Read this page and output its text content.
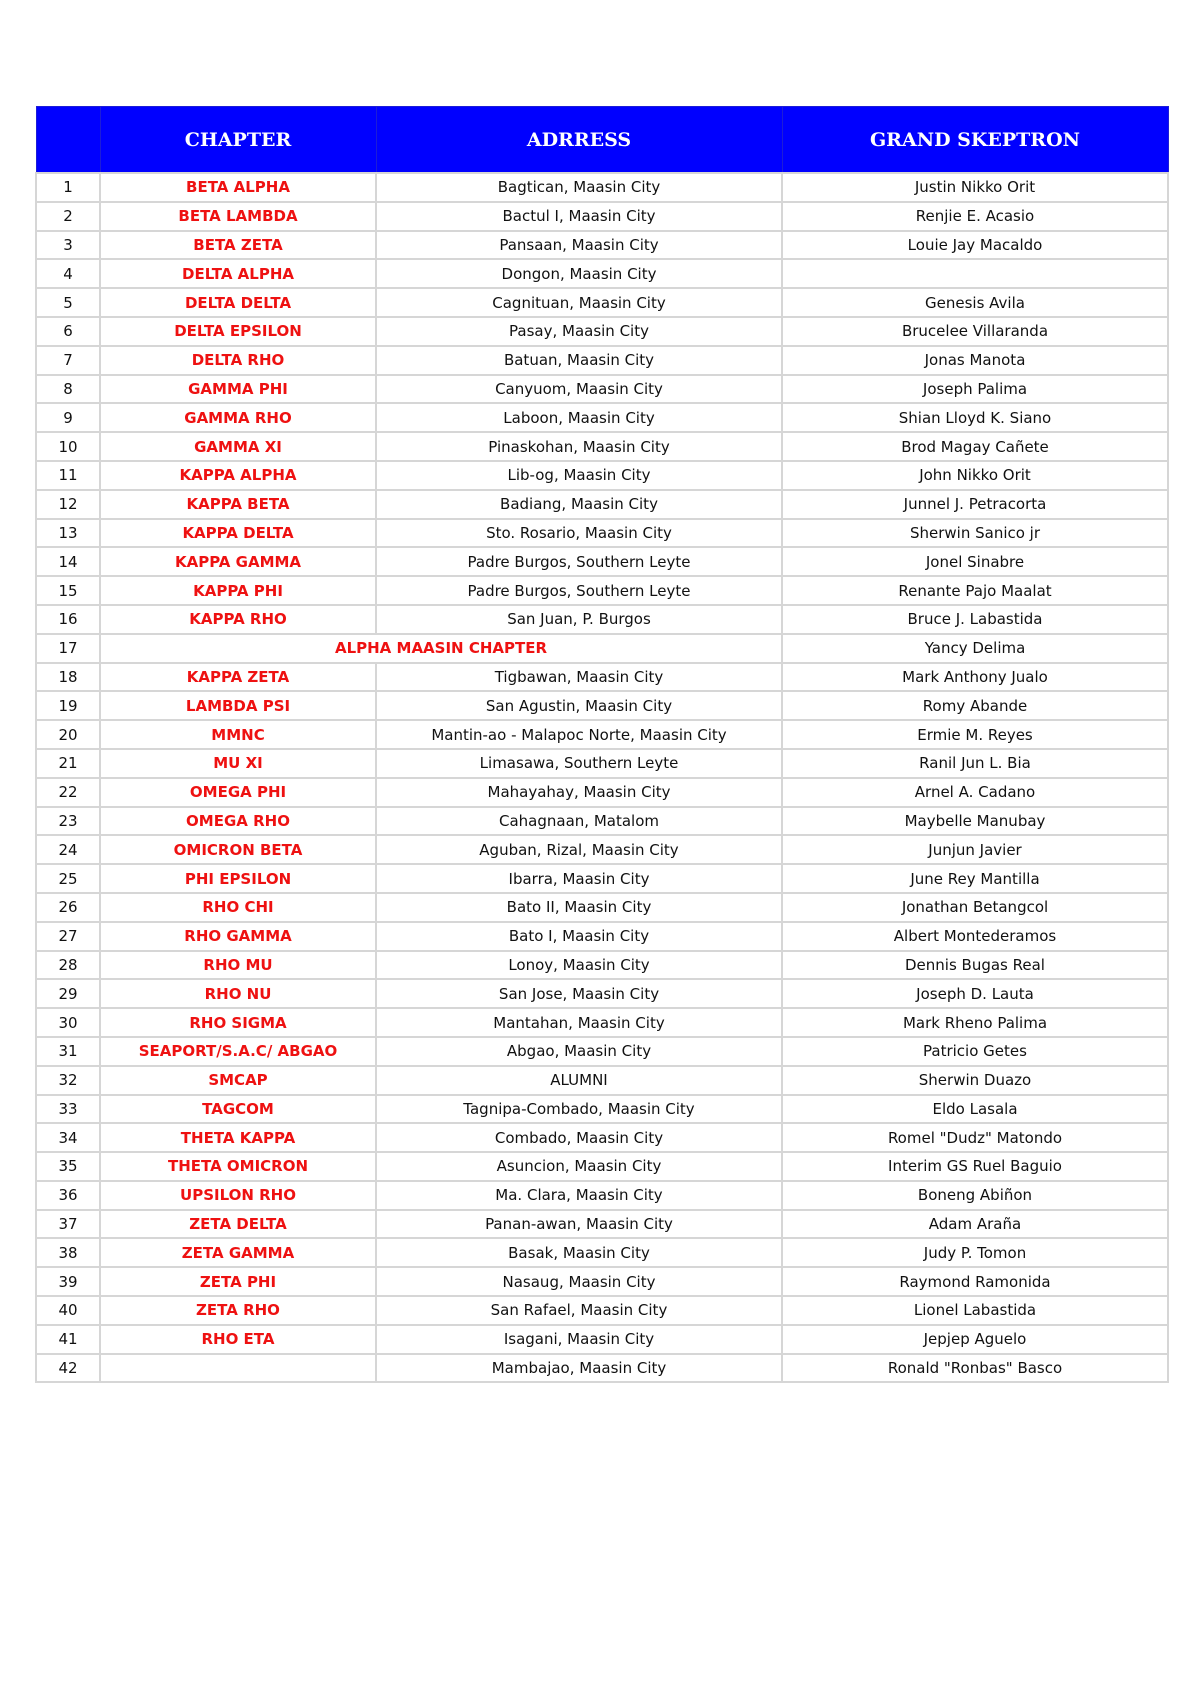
	CHAPTER	ADRRESS	GRAND SKEPTRON
1	BETA ALPHA	Bagtican, Maasin City	Justin Nikko Orit
2	BETA LAMBDA	Bactul I, Maasin City	Renjie E. Acasio
3	BETA ZETA	Pansaan, Maasin City	Louie Jay Macaldo
4	DELTA ALPHA	Dongon, Maasin City	
5	DELTA DELTA	Cagnituan, Maasin City	Genesis Avila
6	DELTA EPSILON	Pasay, Maasin City	Brucelee Villaranda
7	DELTA RHO	Batuan, Maasin City	Jonas Manota
8	GAMMA PHI	Canyuom, Maasin City	Joseph Palima
9	GAMMA RHO	Laboon, Maasin City	Shian Lloyd K. Siano
10	GAMMA XI	Pinaskohan, Maasin City	Brod Magay Cañete
11	KAPPA ALPHA	Lib-og, Maasin City	John Nikko Orit
12	KAPPA BETA	Badiang, Maasin City	Junnel J. Petracorta
13	KAPPA DELTA	Sto. Rosario, Maasin City	Sherwin Sanico jr
14	KAPPA GAMMA	Padre Burgos, Southern Leyte	Jonel Sinabre
15	KAPPA PHI	Padre Burgos, Southern Leyte	Renante Pajo Maalat
16	KAPPA RHO	San Juan, P. Burgos	Bruce J. Labastida
17	ALPHA MAASIN CHAPTER		Yancy Delima
18	KAPPA ZETA	Tigbawan, Maasin City	Mark Anthony Jualo
19	LAMBDA PSI	San Agustin, Maasin City	Romy Abande
20	MMNC	Mantin-ao - Malapoc Norte, Maasin City	Ermie M. Reyes
21	MU XI	Limasawa, Southern Leyte	Ranil Jun L. Bia
22	OMEGA PHI	Mahayahay, Maasin City	Arnel A. Cadano
23	OMEGA RHO	Cahagnaan, Matalom	Maybelle Manubay
24	OMICRON BETA	Aguban, Rizal, Maasin City	Junjun Javier
25	PHI EPSILON	Ibarra, Maasin City	June Rey Mantilla
26	RHO CHI	Bato II, Maasin City	Jonathan Betangcol
27	RHO GAMMA	Bato I, Maasin City	Albert Montederamos
28	RHO MU	Lonoy, Maasin City	Dennis Bugas Real
29	RHO NU	San Jose, Maasin City	Joseph D. Lauta
30	RHO SIGMA	Mantahan, Maasin City	Mark Rheno Palima
31	SEAPORT/S.A.C/ ABGAO	Abgao, Maasin City	Patricio Getes
32	SMCAP	ALUMNI	Sherwin Duazo
33	TAGCOM	Tagnipa-Combado, Maasin City	Eldo Lasala
34	THETA KAPPA	Combado, Maasin City	Romel "Dudz" Matondo
35	THETA OMICRON	Asuncion, Maasin City	Interim GS Ruel Baguio
36	UPSILON RHO	Ma. Clara, Maasin City	Boneng Abiñon
37	ZETA DELTA	Panan-awan, Maasin City	Adam Araña
38	ZETA GAMMA	Basak, Maasin City	Judy P. Tomon
39	ZETA PHI	Nasaug, Maasin City	Raymond Ramonida
40	ZETA RHO	San Rafael, Maasin City	Lionel Labastida
41	RHO ETA	Isagani, Maasin City	Jepjep Aguelo
42		Mambajao, Maasin City	Ronald "Ronbas" Basco
